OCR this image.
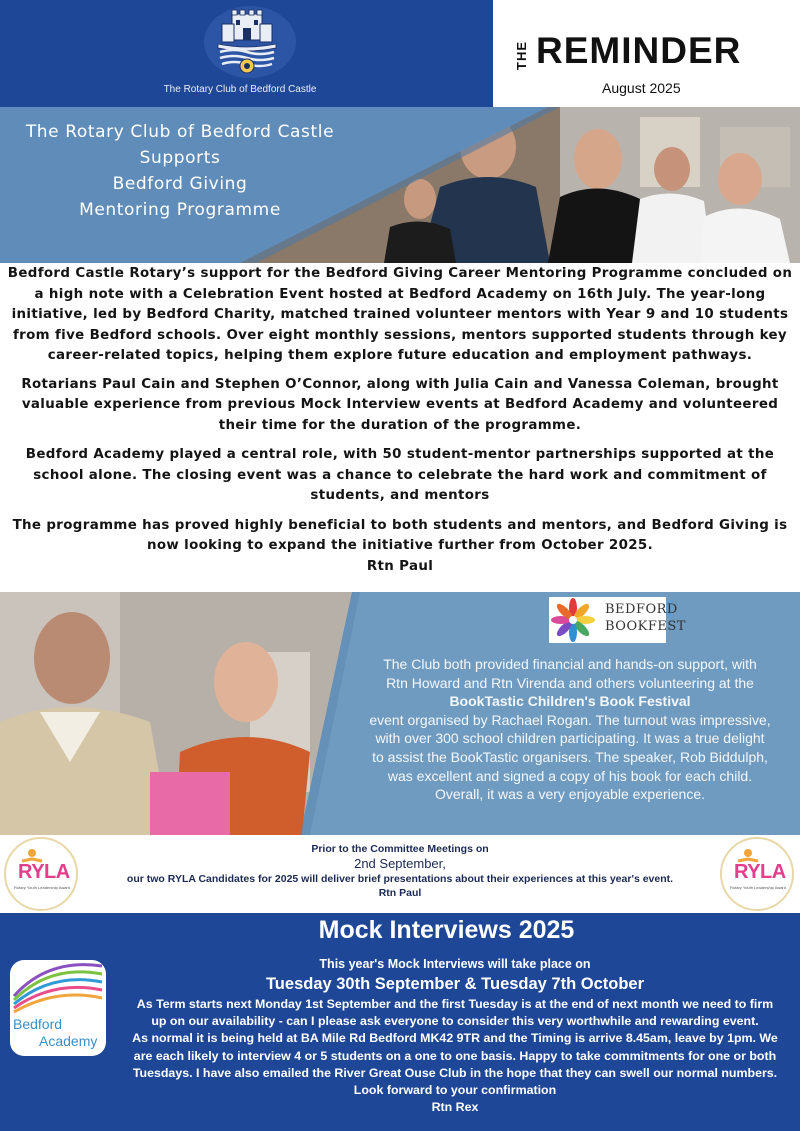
The Rotary Club of Bedford Castle
THE REMINDER
August 2025
The Rotary Club of Bedford Castle
Supports
Bedford Giving
Mentoring Programme

Bedford Castle Rotary’s support for the Bedford Giving Career Mentoring Programme concluded on a high note with a Celebration Event hosted at Bedford Academy on 16th July. The year-long initiative, led by Bedford Charity, matched trained volunteer mentors with Year 9 and 10 students from five Bedford schools. Over eight monthly sessions, mentors supported students through key career-related topics, helping them explore future education and employment pathways.

Rotarians Paul Cain and Stephen O’Connor, along with Julia Cain and Vanessa Coleman, brought valuable experience from previous Mock Interview events at Bedford Academy and volunteered their time for the duration of the programme.

Bedford Academy played a central role, with 50 student-mentor partnerships supported at the school alone. The closing event was a chance to celebrate the hard work and commitment of students, and mentors

The programme has proved highly beneficial to both students and mentors, and Bedford Giving is now looking to expand the initiative further from October 2025.

Rtn Paul

BEDFORD
BOOKFEST
The Club both provided financial and hands-on support, with
Rtn Howard and Rtn Virenda and others volunteering at the
BookTastic Children's Book Festival
event organised by Rachael Rogan. The turnout was impressive,
with over 300 school children participating. It was a true delight
to assist the BookTastic organisers. The speaker, Rob Biddulph,
was excellent and signed a copy of his book for each child.
Overall, it was a very enjoyable experience.
RYLA
Rotary Youth Leadership Award
Prior to the Committee Meetings on
2nd September,
our two RYLA Candidates for 2025 will deliver brief presentations about their experiences at this year's event.
Rtn Paul
RYLA
Rotary Youth Leadership Award
Mock Interviews 2025
Bedford
Academy
This year's Mock Interviews will take place on
Tuesday 30th September & Tuesday 7th October
As Term starts next Monday 1st September and the first Tuesday is at the end of next month we need to firm
up on our availability - can I please ask everyone to consider this very worthwhile and rewarding event.
As normal it is being held at BA Mile Rd Bedford MK42 9TR and the Timing is arrive 8.45am, leave by 1pm. We
are each likely to interview 4 or 5 students on a one to one basis. Happy to take commitments for one or both
Tuesdays. I have also emailed the River Great Ouse Club in the hope that they can swell our normal numbers.
Look forward to your confirmation
Rtn Rex
